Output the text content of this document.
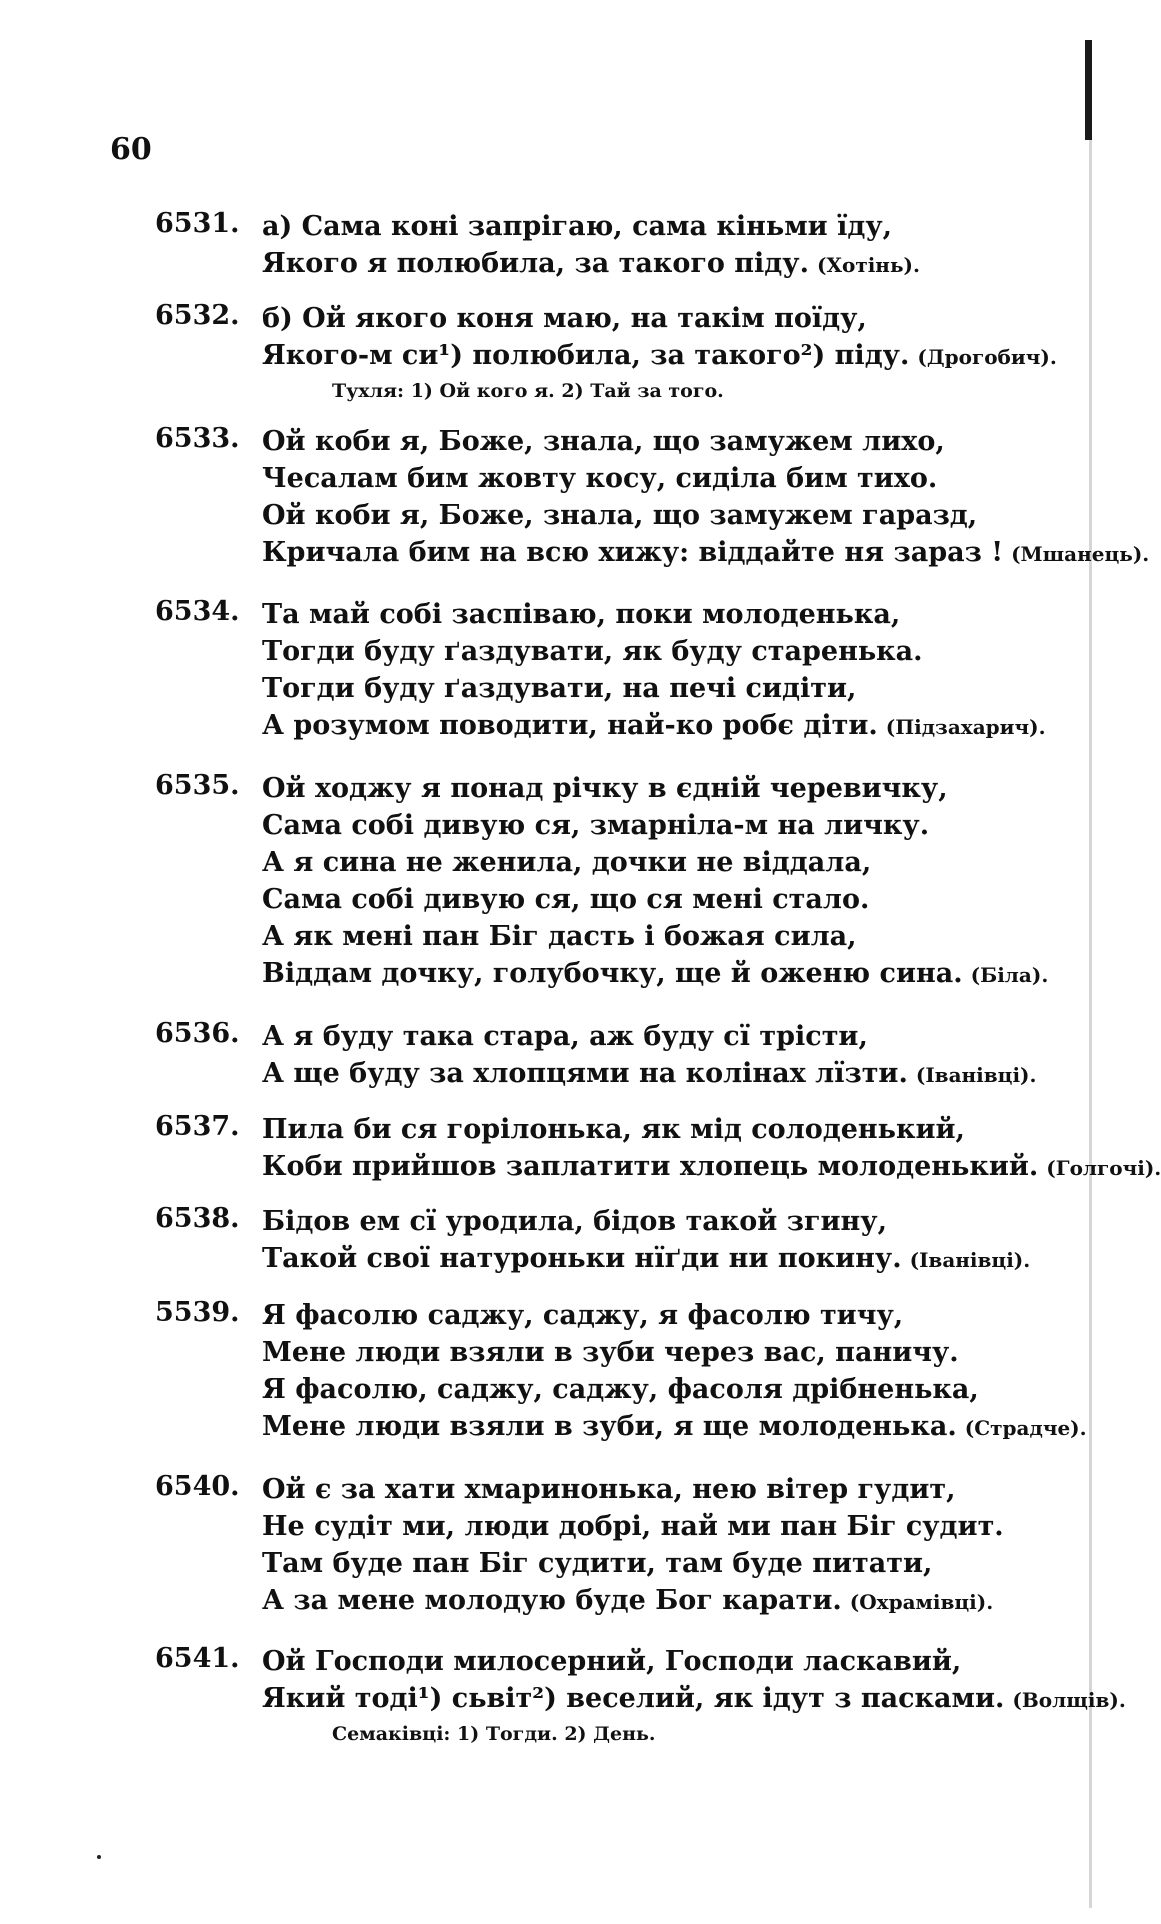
60
6531. а) Сама коні запрігаю, сама кіньми їду,
Якого я полюбила, за такого піду. (Хотінь).
6532. б) Ой якого коня маю, на такім поїду,
Якого-м си¹) полюбила, за такого²) піду. (Дрогобич).
Тухля: 1) Ой кого я. 2) Тай за того.
6533. Ой коби я, Боже, знала, що замужем лихо,
Чесалам бим жовту косу, сиділа бим тихо.
Ой коби я, Боже, знала, що замужем гаразд,
Кричала бим на всю хижу: віддайте ня зараз ! (Мшанець).
6534. Та май собі заспіваю, поки молоденька,
Тогди буду ґаздувати, як буду старенька.
Тогди буду ґаздувати, на печі сидіти,
А розумом поводити, най-ко робє діти. (Підзахарич).
6535. Ой ходжу я понад річку в єдній черевичку,
Сама собі дивую ся, змарніла-м на личку.
А я сина не женила, дочки не віддала,
Сама собі дивую ся, що ся мені стало.
А як мені пан Біг дасть і божая сила,
Віддам дочку, голубочку, ще й оженю сина. (Біла).
6536. А я буду така стара, аж буду сї трісти,
А ще буду за хлопцями на колінах лїзти. (Іванівці).
6537. Пила би ся горілонька, як мід солоденький,
Коби прийшов заплатити хлопець молоденький. (Голгочі).
6538. Бідов ем сї уродила, бідов такой згину,
Такой свої натуроньки нїґди ни покину. (Іванівці).
5539. Я фасолю саджу, саджу, я фасолю тичу,
Мене люди взяли в зуби через вас, паничу.
Я фасолю, саджу, саджу, фасоля дрібненька,
Мене люди взяли в зуби, я ще молоденька. (Страдче).
6540. Ой є за хати хмаринонька, нею вітер гудит,
Не судіт ми, люди добрі, най ми пан Біг судит.
Там буде пан Біг судити, там буде питати,
А за мене молодую буде Бог карати. (Охрамівці).
6541. Ой Господи милосерний, Господи ласкавий,
Який тоді¹) сьвіт²) веселий, як ідут з пасками. (Волщів).
Семаківці: 1) Тогди. 2) День.
